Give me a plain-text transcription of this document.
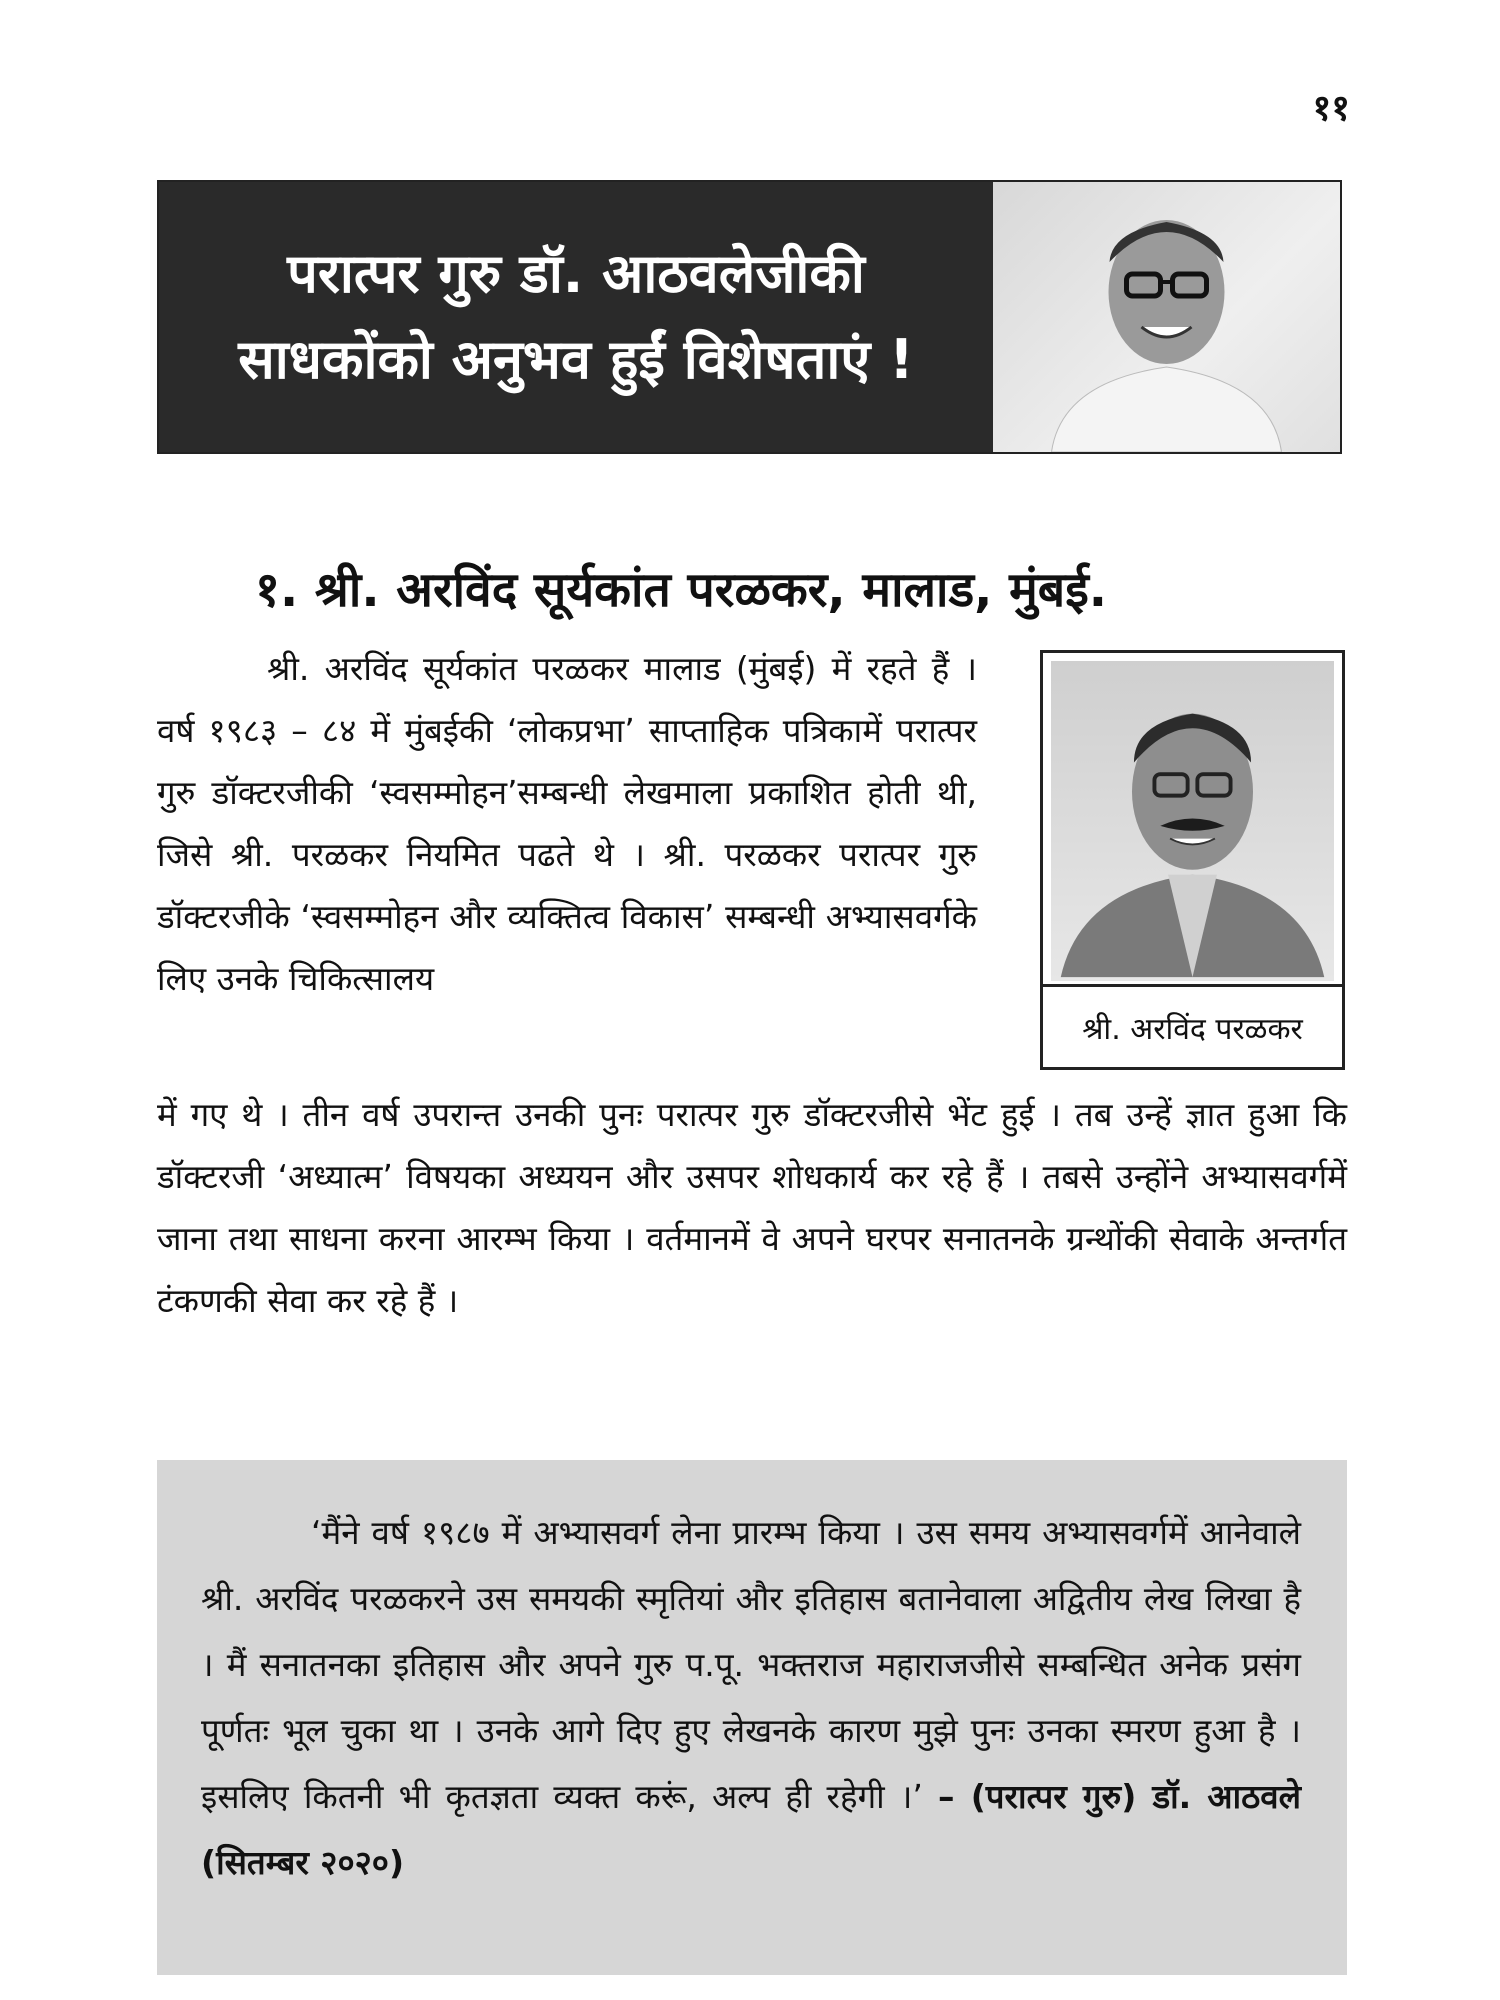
११
परात्पर गुरु डॉ. आठवलेजीकी
साधकोंको अनुभव हुईं विशेषताएं !
१. श्री. अरविंद सूर्यकांत परळकर, मालाड, मुंबई.
श्री. अरविंद सूर्यकांत परळकर मालाड (मुंबई) में रहते हैं । वर्ष १९८३ – ८४ में मुंबईकी ‘लोकप्रभा’ साप्ताहिक पत्रिकामें परात्पर गुरु डॉक्टरजीकी ‘स्वसम्मोहन’सम्बन्धी लेखमाला प्रकाशित होती थी, जिसे श्री. परळकर नियमित पढते थे । श्री. परळकर परात्पर गुरु डॉक्टरजीके ‘स्वसम्मोहन और व्यक्तित्व विकास’ सम्बन्धी अभ्यासवर्गके लिए उनके चिकित्सालय
श्री. अरविंद परळकर
में गए थे । तीन वर्ष उपरान्त उनकी पुनः परात्पर गुरु डॉक्टरजीसे भेंट हुई । तब उन्हें ज्ञात हुआ कि डॉक्टरजी ‘अध्यात्म’ विषयका अध्ययन और उसपर शोधकार्य कर रहे हैं । तबसे उन्होंने अभ्यासवर्गमें जाना तथा साधना करना आरम्भ किया । वर्तमानमें वे अपने घरपर सनातनके ग्रन्थोंकी सेवाके अन्तर्गत टंकणकी सेवा कर रहे हैं ।
‘मैंने वर्ष १९८७ में अभ्यासवर्ग लेना प्रारम्भ किया । उस समय अभ्यासवर्गमें आनेवाले श्री. अरविंद परळकरने उस समयकी स्मृतियां और इतिहास बतानेवाला अद्वितीय लेख लिखा है । मैं सनातनका इतिहास और अपने गुरु प.पू. भक्तराज महाराजजीसे सम्बन्धित अनेक प्रसंग पूर्णतः भूल चुका था । उनके आगे दिए हुए लेखनके कारण मुझे पुनः उनका स्मरण हुआ है । इसलिए कितनी भी कृतज्ञता व्यक्त करूं, अल्प ही रहेगी ।’ – (परात्पर गुरु) डॉ. आठवले (सितम्बर २०२०)
